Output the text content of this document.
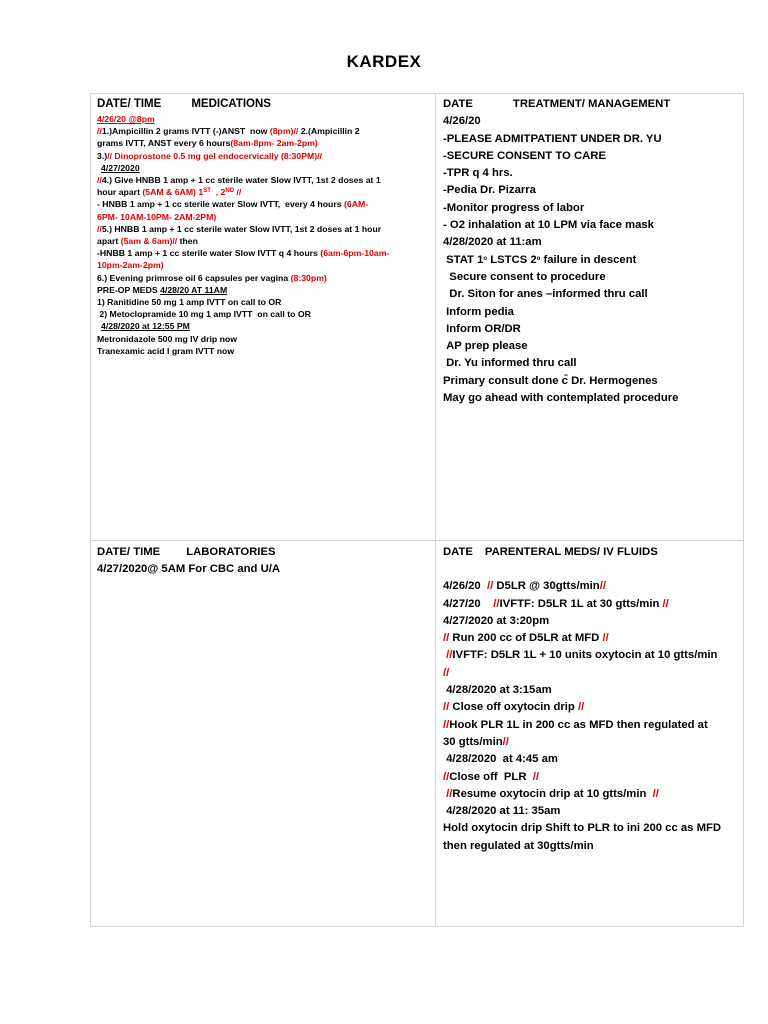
KARDEX
DATE/ TIME	MEDICATIONS
4/26/20 @8pm
//1.)Ampicillin 2 grams IVTT (-)ANST  now (8pm)// 2.(Ampicillin 2
grams IVTT, ANST every 6 hours(8am-8pm- 2am-2pm)
3.)// Dinoprostone 0.5 mg gel endocervically (8:30PM)//
4/27/2020
//4.) Give HNBB 1 amp + 1 cc sterile water Slow IVTT, 1st 2 doses at 1
hour apart (5AM & 6AM) 1ST  , 2ND //
- HNBB 1 amp + 1 cc sterile water Slow IVTT,  every 4 hours (6AM-
6PM- 10AM-10PM- 2AM-2PM)
//5.) HNBB 1 amp + 1 cc sterile water Slow IVTT, 1st 2 doses at 1 hour
apart (5am & 6am)// then
-HNBB 1 amp + 1 cc sterile water Slow IVTT q 4 hours (6am-6pm-10am-
10pm-2am-2pm)
6.) Evening primrose oil 6 capsules per vagina (8:30pm)
PRE-OP MEDS 4/28/20 AT 11AM
1) Ranitidine 50 mg 1 amp IVTT on call to OR
2) Metoclopramide 10 mg 1 amp IVTT  on call to OR
4/28/2020 at 12:55 PM
Metronidazole 500 mg IV drip now
Tranexamic acid I gram IVTT now
DATE	TREATMENT/ MANAGEMENT
4/26/20
-PLEASE ADMITPATIENT UNDER DR. YU
-SECURE CONSENT TO CARE
-TPR q 4 hrs.
-Pedia Dr. Pizarra
-Monitor progress of labor
- O2 inhalation at 10 LPM via face mask
4/28/2020 at 11:am
STAT 1$^o$ LSTCS 2$^o$ failure in descent
Secure consent to procedure
Dr. Siton for anes –informed thru call
Inform pedia
Inform OR/DR
AP prep please
Dr. Yu informed thru call
Primary consult done c̄ Dr. Hermogenes
May go ahead with contemplated procedure
DATE/ TIME LABORATORIES
4/27/2020@ 5AM For CBC and U/A
DATE PARENTERAL MEDS/ IV FLUIDS
4/26/20  // D5LR @ 30gtts/min//
4/27/20    //IVFTF: D5LR 1L at 30 gtts/min //
4/27/2020 at 3:20pm
// Run 200 cc of D5LR at MFD //
//IVFTF: D5LR 1L + 10 units oxytocin at 10 gtts/min
//
4/28/2020 at 3:15am
// Close off oxytocin drip //
//Hook PLR 1L in 200 cc as MFD then regulated at
30 gtts/min//
4/28/2020  at 4:45 am
//Close off  PLR  //
//Resume oxytocin drip at 10 gtts/min  //
4/28/2020 at 11: 35am
Hold oxytocin drip Shift to PLR to ini 200 cc as MFD
then regulated at 30gtts/min
